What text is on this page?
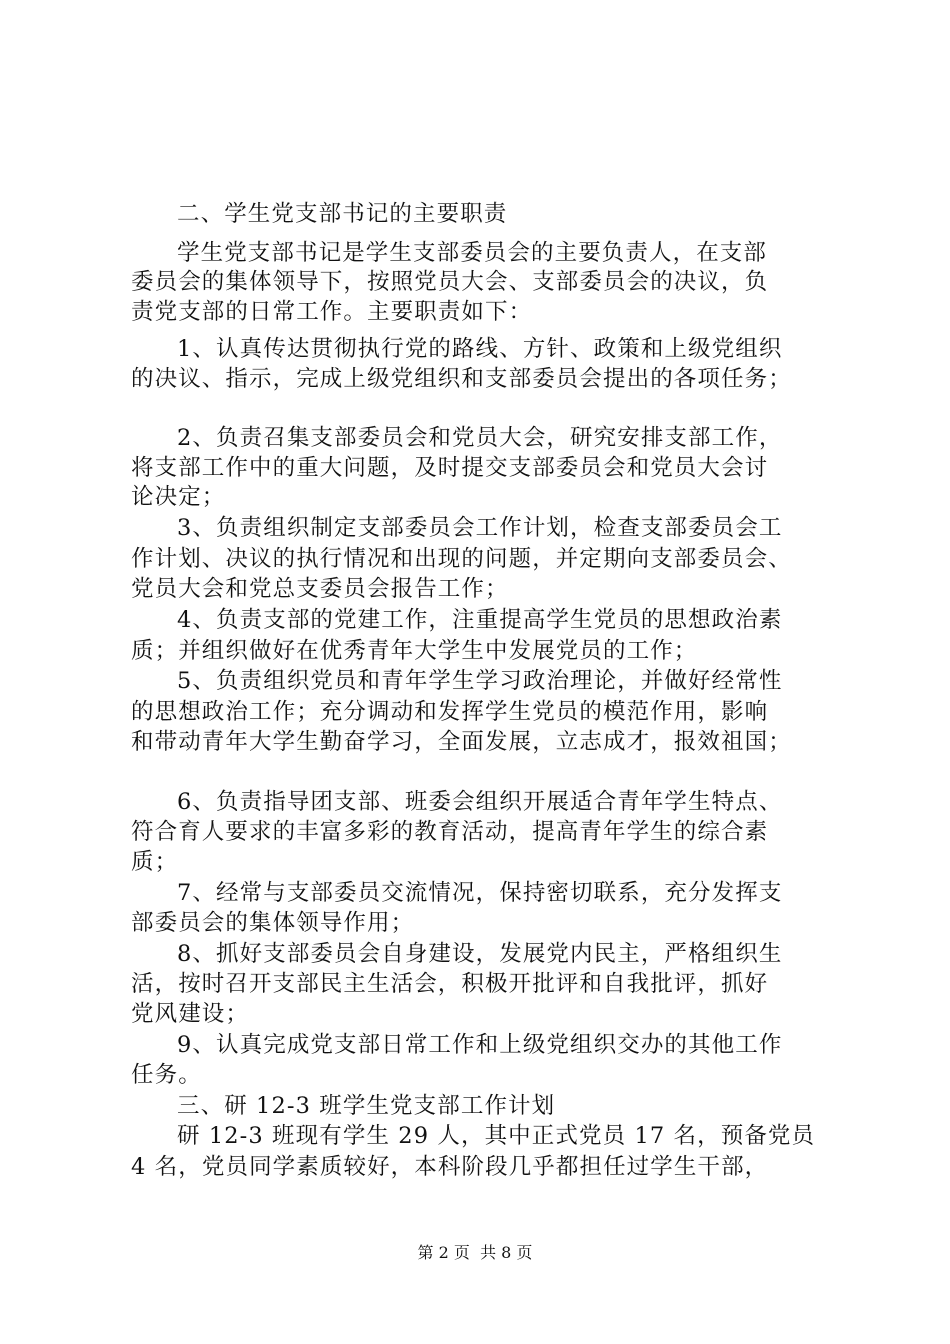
二、学生党支部书记的主要职责
学生党支部书记是学生支部委员会的主要负责人，在支部
委员会的集体领导下，按照党员大会、支部委员会的决议，负
责党支部的日常工作。主要职责如下：
1、认真传达贯彻执行党的路线、方针、政策和上级党组织
的决议、指示，完成上级党组织和支部委员会提出的各项任务；
2、负责召集支部委员会和党员大会，研究安排支部工作，
将支部工作中的重大问题，及时提交支部委员会和党员大会讨
论决定；
3、负责组织制定支部委员会工作计划，检查支部委员会工
作计划、决议的执行情况和出现的问题，并定期向支部委员会、
党员大会和党总支委员会报告工作；
4、负责支部的党建工作，注重提高学生党员的思想政治素
质；并组织做好在优秀青年大学生中发展党员的工作；
5、负责组织党员和青年学生学习政治理论，并做好经常性
的思想政治工作；充分调动和发挥学生党员的模范作用，影响
和带动青年大学生勤奋学习，全面发展，立志成才，报效祖国；
6、负责指导团支部、班委会组织开展适合青年学生特点、
符合育人要求的丰富多彩的教育活动，提高青年学生的综合素
质；
7、经常与支部委员交流情况，保持密切联系，充分发挥支
部委员会的集体领导作用；
8、抓好支部委员会自身建设，发展党内民主，严格组织生
活，按时召开支部民主生活会，积极开批评和自我批评，抓好
党风建设；
9、认真完成党支部日常工作和上级党组织交办的其他工作
任务。
三、研 12-3 班学生党支部工作计划
研 12-3 班现有学生 29 人，其中正式党员 17 名，预备党员
4 名，党员同学素质较好，本科阶段几乎都担任过学生干部，
第 2 页  共 8 页
